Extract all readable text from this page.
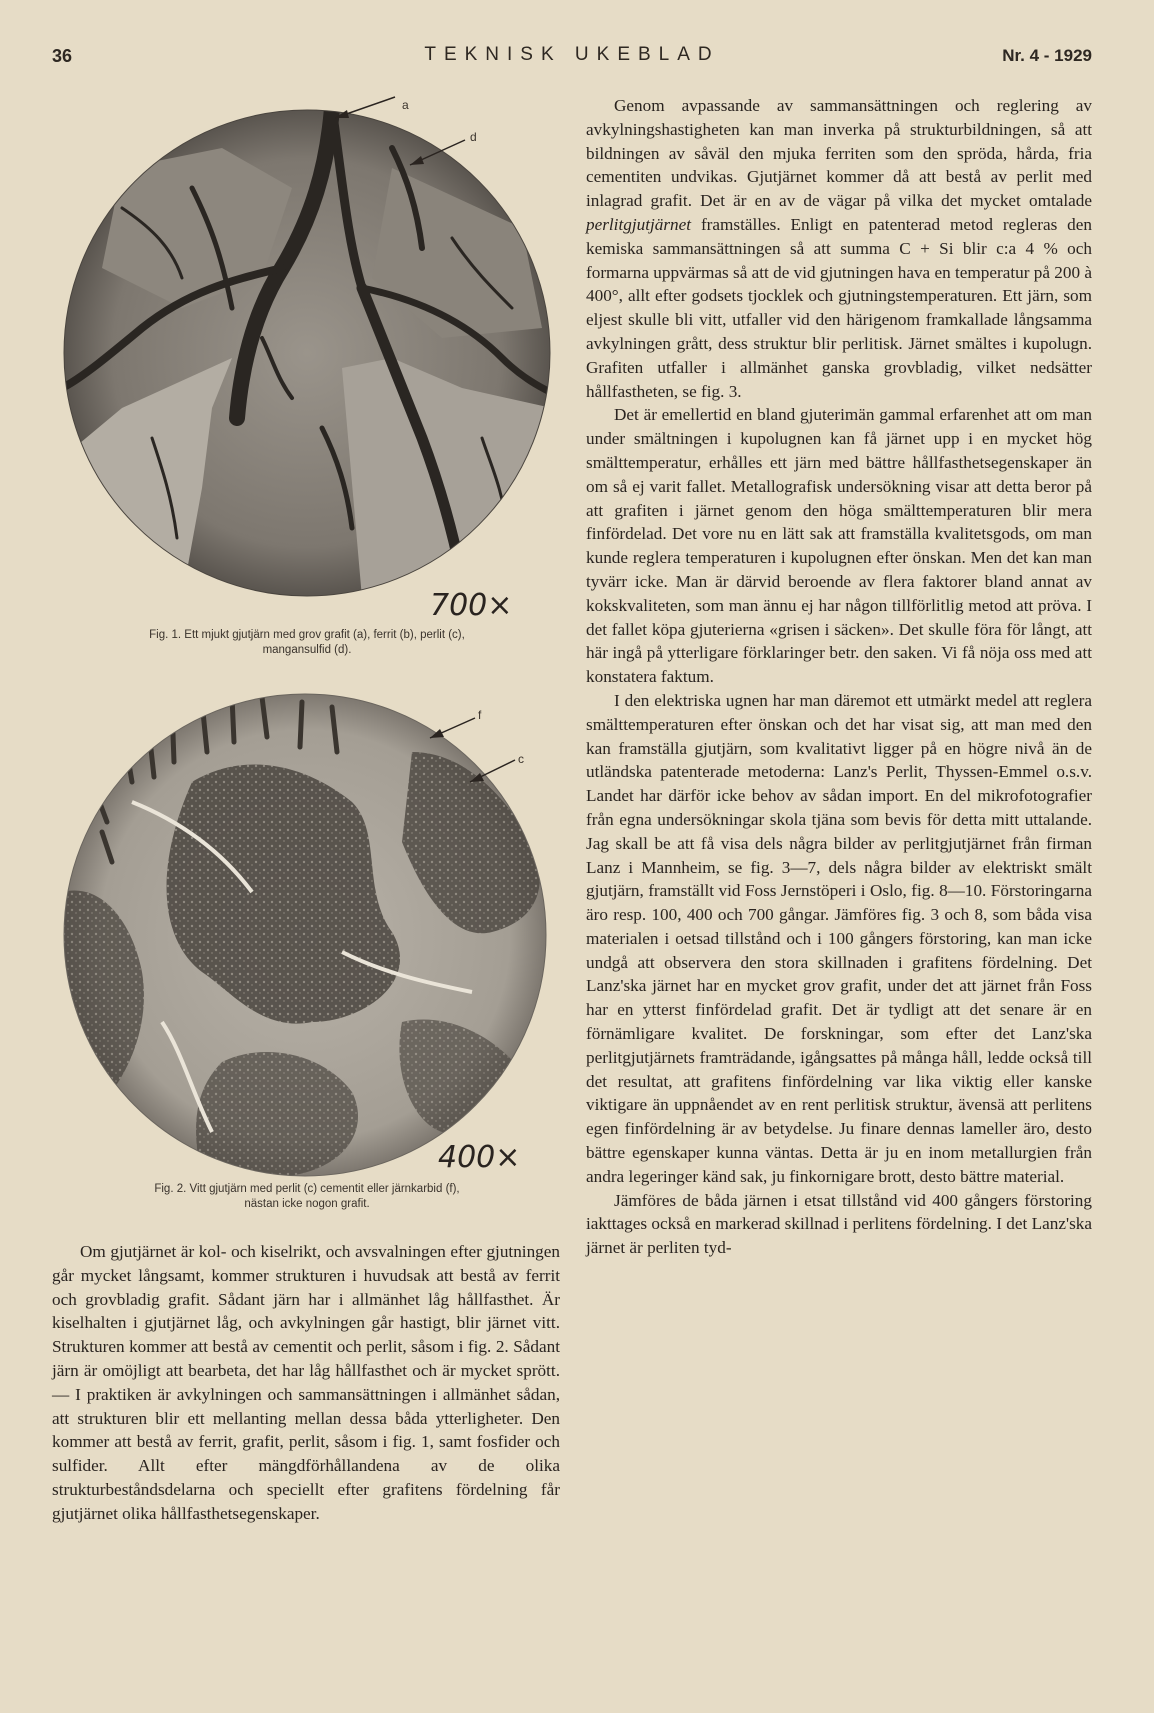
36	TEKNISK UKEBLAD	Nr. 4 - 1929
a
d
700×
Fig. 1. Ett mjukt gjutjärn med grov grafit (a), ferrit (b), perlit (c),
mangansulfid (d).
f
c
400×
Fig. 2. Vitt gjutjärn med perlit (c) cementit eller järnkarbid (f),
nästan icke nogon grafit.

Om gjutjärnet är kol- och kiselrikt, och avsvalningen efter gjutningen går mycket långsamt, kommer strukturen i huvudsak att bestå av ferrit och grovbladig grafit. Sådant järn har i allmänhet låg hållfasthet. Är kiselhalten i gjutjärnet låg, och avkylningen går hastigt, blir järnet vitt. Strukturen kommer att bestå av cementit och perlit, såsom i fig. 2. Sådant järn är omöjligt att bearbeta, det har låg hållfasthet och är mycket sprött. — I praktiken är avkylningen och sammansättningen i allmänhet sådan, att strukturen blir ett mellanting mellan dessa båda ytterligheter. Den kommer att bestå av ferrit, grafit, perlit, såsom i fig. 1, samt fosfider och sulfider. Allt efter mängdförhållandena av de olika strukturbeståndsdelarna och speciellt efter grafitens fördelning får gjutjärnet olika hållfasthetsegenskaper.

Genom avpassande av sammansättningen och reglering av avkylningshastigheten kan man inverka på strukturbildningen, så att bildningen av såväl den mjuka ferriten som den spröda, hårda, fria cementiten undvikas. Gjutjärnet kommer då att bestå av perlit med inlagrad grafit. Det är en av de vägar på vilka det mycket omtalade perlitgjutjärnet framställes. Enligt en patenterad metod regleras den kemiska sammansättningen så att summa C + Si blir c:a 4 % och formarna uppvärmas så att de vid gjutningen hava en temperatur på 200 à 400°, allt efter godsets tjocklek och gjutningstemperaturen. Ett järn, som eljest skulle bli vitt, utfaller vid den härigenom framkallade långsamma avkylningen grått, dess struktur blir perlitisk. Järnet smältes i kupolugn. Grafiten utfaller i allmänhet ganska grovbladig, vilket nedsätter hållfastheten, se fig. 3.

Det är emellertid en bland gjuterimän gammal erfarenhet att om man under smältningen i kupolugnen kan få järnet upp i en mycket hög smälttemperatur, erhålles ett järn med bättre hållfasthetsegenskaper än om så ej varit fallet. Metallografisk undersökning visar att detta beror på att grafiten i järnet genom den höga smälttemperaturen blir mera finfördelad. Det vore nu en lätt sak att framställa kvalitetsgods, om man kunde reglera temperaturen i kupolugnen efter önskan. Men det kan man tyvärr icke. Man är därvid beroende av flera faktorer bland annat av kokskvaliteten, som man ännu ej har någon tillförlitlig metod att pröva. I det fallet köpa gjuterierna «grisen i säcken». Det skulle föra för långt, att här ingå på ytterligare förklaringer betr. den saken. Vi få nöja oss med att konstatera faktum.

I den elektriska ugnen har man däremot ett utmärkt medel att reglera smälttemperaturen efter önskan och det har visat sig, att man med den kan framställa gjutjärn, som kvalitativt ligger på en högre nivå än de utländska patenterade metoderna: Lanz's Perlit, Thyssen-Emmel o.s.v. Landet har därför icke behov av sådan import. En del mikrofotografier från egna undersökningar skola tjäna som bevis för detta mitt uttalande. Jag skall be att få visa dels några bilder av perlitgjutjärnet från firman Lanz i Mannheim, se fig. 3—7, dels några bilder av elektriskt smält gjutjärn, framställt vid Foss Jernstöperi i Oslo, fig. 8—10. Förstoringarna äro resp. 100, 400 och 700 gångar. Jämföres fig. 3 och 8, som båda visa materialen i oetsad tillstånd och i 100 gångers förstoring, kan man icke undgå att observera den stora skillnaden i grafitens fördelning. Det Lanz'ska järnet har en mycket grov grafit, under det att järnet från Foss har en ytterst finfördelad grafit. Det är tydligt att det senare är en förnämligare kvalitet. De forskningar, som efter det Lanz'ska perlitgjutjärnets framträdande, igångsattes på många håll, ledde också till det resultat, att grafitens finfördelning var lika viktig eller kanske viktigare än uppnåendet av en rent perlitisk struktur, ävensä att perlitens egen finfördelning är av betydelse. Ju finare dennas lameller äro, desto bättre egenskaper kunna väntas. Detta är ju en inom metallurgien från andra legeringer känd sak, ju finkornigare brott, desto bättre material.

Jämföres de båda järnen i etsat tillstånd vid 400 gångers förstoring iakttages också en markerad skillnad i perlitens fördelning. I det Lanz'ska järnet är perliten tyd-
